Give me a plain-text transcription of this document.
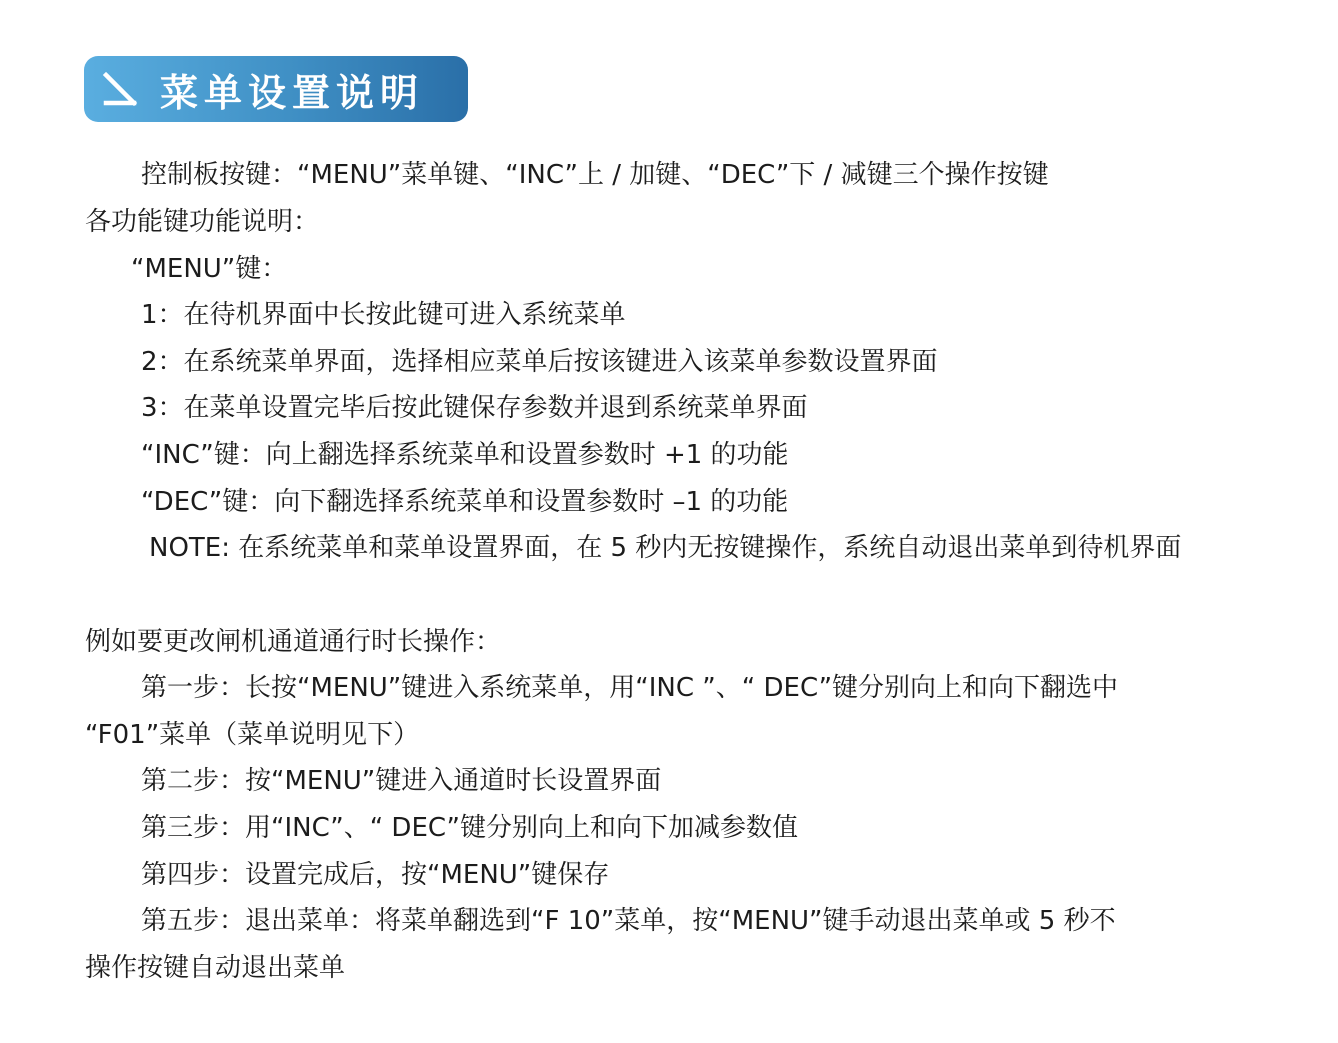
菜单设置说明
控制板按键：“MENU”菜单键、“INC”上 / 加键、“DEC”下 / 减键三个操作按键
各功能键功能说明：
“MENU”键：
1：在待机界面中长按此键可进入系统菜单
2：在系统菜单界面，选择相应菜单后按该键进入该菜单参数设置界面
3：在菜单设置完毕后按此键保存参数并退到系统菜单界面
“INC”键：向上翻选择系统菜单和设置参数时 +1 的功能
“DEC”键：向下翻选择系统菜单和设置参数时 –1 的功能
NOTE: 在系统菜单和菜单设置界面，在 5 秒内无按键操作，系统自动退出菜单到待机界面
例如要更改闸机通道通行时长操作：
第一步：长按“MENU”键进入系统菜单，用“INC ”、“ DEC”键分别向上和向下翻选中
“F01”菜单（菜单说明见下）
第二步：按“MENU”键进入通道时长设置界面
第三步：用“INC”、“ DEC”键分别向上和向下加减参数值
第四步：设置完成后，按“MENU”键保存
第五步：退出菜单：将菜单翻选到“F 10”菜单，按“MENU”键手动退出菜单或 5 秒不
操作按键自动退出菜单
